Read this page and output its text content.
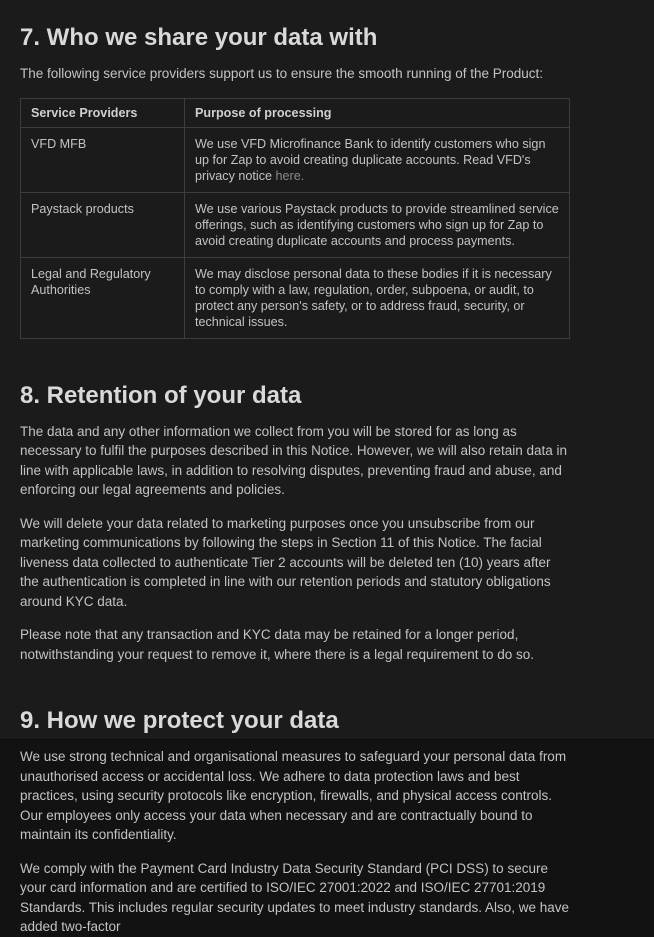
7. Who we share your data with

The following service providers support us to ensure the smooth running of the Product:

Service Providers	Purpose of processing
VFD MFB	We use VFD Microfinance Bank to identify customers who sign up for Zap to avoid creating duplicate accounts. Read VFD's privacy notice here.
Paystack products	We use various Paystack products to provide streamlined service offerings, such as identifying customers who sign up for Zap to avoid creating duplicate accounts and process payments.
Legal and Regulatory Authorities	We may disclose personal data to these bodies if it is necessary to comply with a law, regulation, order, subpoena, or audit, to protect any person's safety, or to address fraud, security, or technical issues.
8. Retention of your data

The data and any other information we collect from you will be stored for as long as necessary to fulfil the purposes described in this Notice. However, we will also retain data in line with applicable laws, in addition to resolving disputes, preventing fraud and abuse, and enforcing our legal agreements and policies.

We will delete your data related to marketing purposes once you unsubscribe from our marketing communications by following the steps in Section 11 of this Notice. The facial liveness data collected to authenticate Tier 2 accounts will be deleted ten (10) years after the authentication is completed in line with our retention periods and statutory obligations around KYC data.

Please note that any transaction and KYC data may be retained for a longer period, notwithstanding your request to remove it, where there is a legal requirement to do so.

9. How we protect your data

We use strong technical and organisational measures to safeguard your personal data from unauthorised access or accidental loss. We adhere to data protection laws and best practices, using security protocols like encryption, firewalls, and physical access controls. Our employees only access your data when necessary and are contractually bound to maintain its confidentiality.

We comply with the Payment Card Industry Data Security Standard (PCI DSS) to secure your card information and are certified to ISO/IEC 27001:2022 and ISO/IEC 27701:2019 Standards. This includes regular security updates to meet industry standards. Also, we have added two-factor
